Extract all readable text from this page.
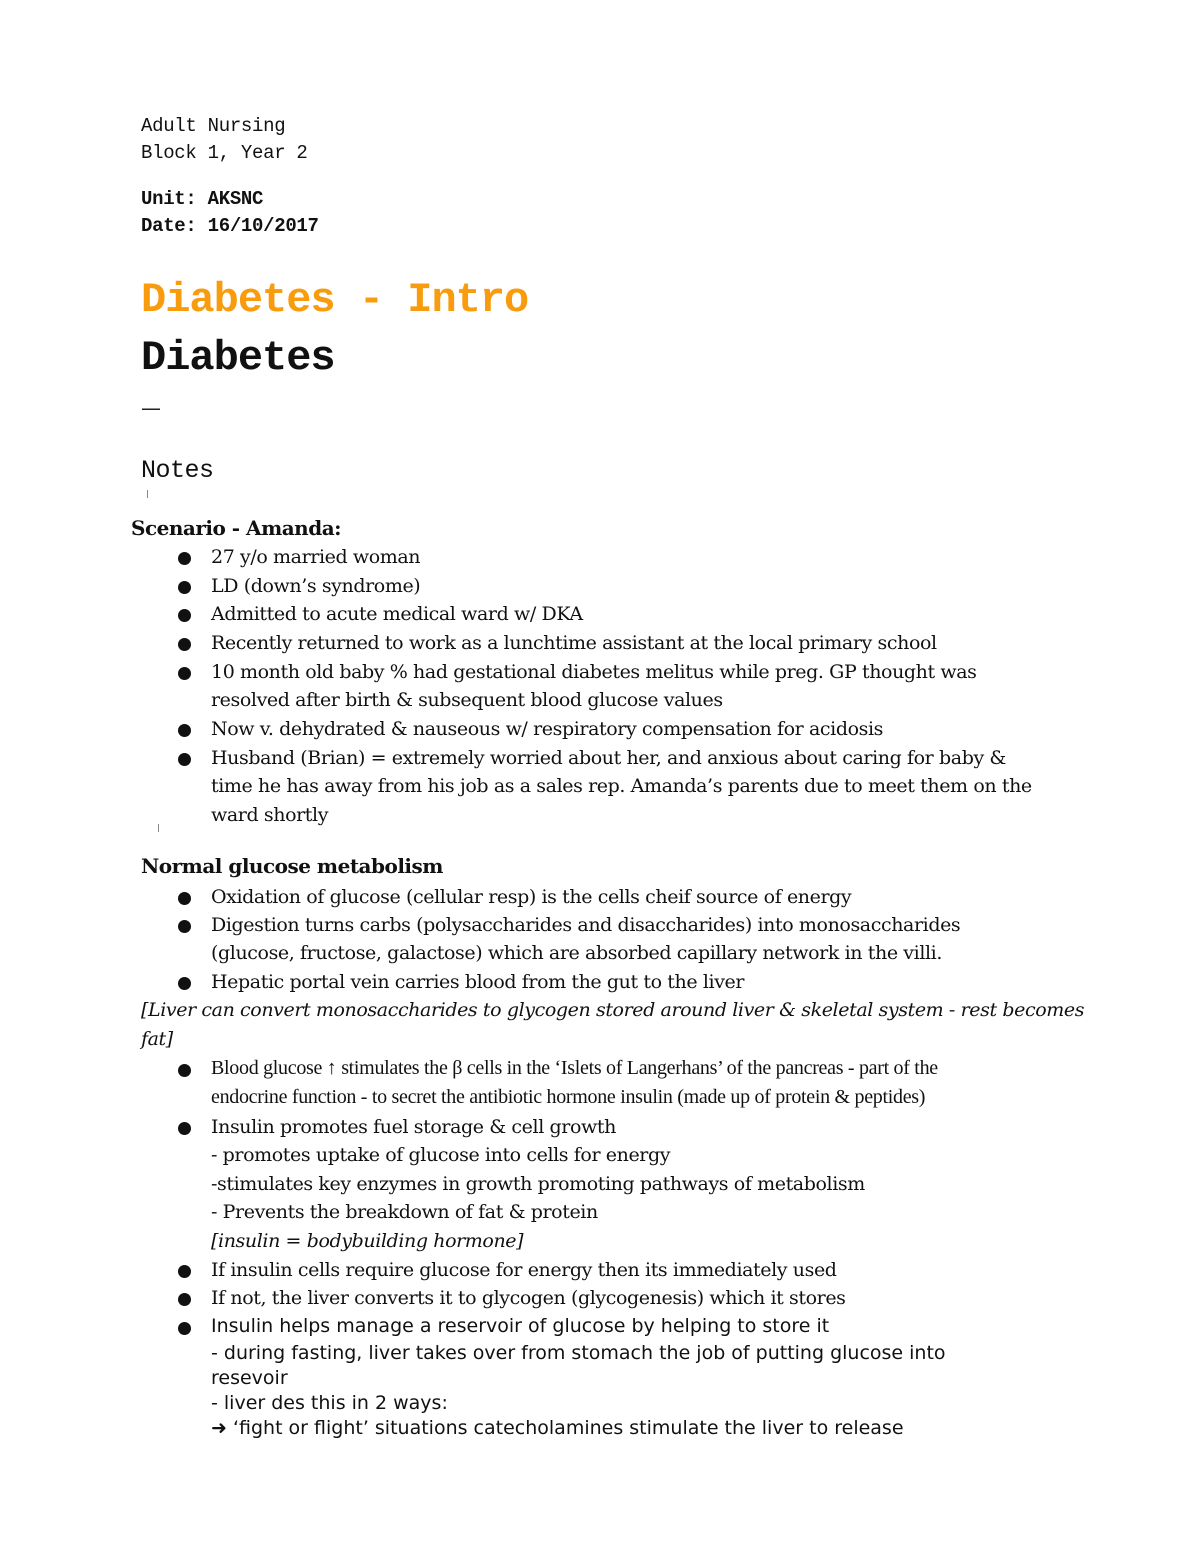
Adult Nursing
Block 1, Year 2
Unit: AKSNC
Date: 16/10/2017
Diabetes - Intro
Diabetes
—
Notes
Scenario - Amanda:
27 y/o married woman
LD (down’s syndrome)
Admitted to acute medical ward w/ DKA
Recently returned to work as a lunchtime assistant at the local primary school
10 month old baby % had gestational diabetes melitus while preg. GP thought was
resolved after birth & subsequent blood glucose values
Now v. dehydrated & nauseous w/ respiratory compensation for acidosis
Husband (Brian) = extremely worried about her, and anxious about caring for baby &
time he has away from his job as a sales rep. Amanda’s parents due to meet them on the
ward shortly
Normal glucose metabolism
Oxidation of glucose (cellular resp) is the cells cheif source of energy
Digestion turns carbs (polysaccharides and disaccharides) into monosaccharides
(glucose, fructose, galactose) which are absorbed capillary network in the villi.
Hepatic portal vein carries blood from the gut to the liver
[Liver can convert monosaccharides to glycogen stored around liver & skeletal system - rest becomes
fat]
Blood glucose ↑ stimulates the β cells in the ‘Islets of Langerhans’ of the pancreas - part of the
endocrine function - to secret the antibiotic hormone insulin (made up of protein & peptides)
Insulin promotes fuel storage & cell growth
- promotes uptake of glucose into cells for energy
-stimulates key enzymes in growth promoting pathways of metabolism
- Prevents the breakdown of fat & protein
[insulin = bodybuilding hormone]
If insulin cells require glucose for energy then its immediately used
If not, the liver converts it to glycogen (glycogenesis) which it stores
Insulin helps manage a reservoir of glucose by helping to store it
- during fasting, liver takes over from stomach the job of putting glucose into
resevoir
- liver des this in 2 ways:
➜ ‘fight or flight’ situations catecholamines stimulate the liver to release
